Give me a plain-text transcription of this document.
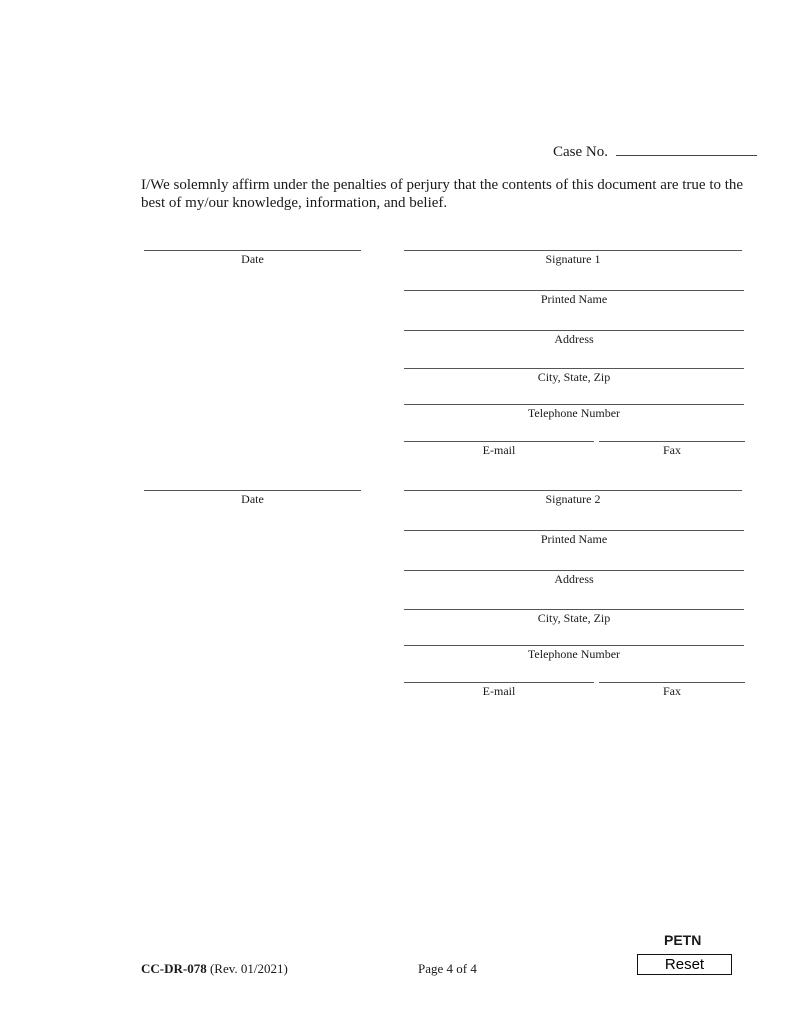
Case No.
I/We solemnly affirm under the penalties of perjury that the contents of this document are true to the best of my/our knowledge, information, and belief.
Date	Signature 1
Printed Name
Address
City, State, Zip
Telephone Number
E-mail	Fax
Date	Signature 2
Printed Name
Address
City, State, Zip
Telephone Number
E-mail	Fax
CC-DR-078 (Rev. 01/2021)	Page 4 of 4
PETN
Reset
